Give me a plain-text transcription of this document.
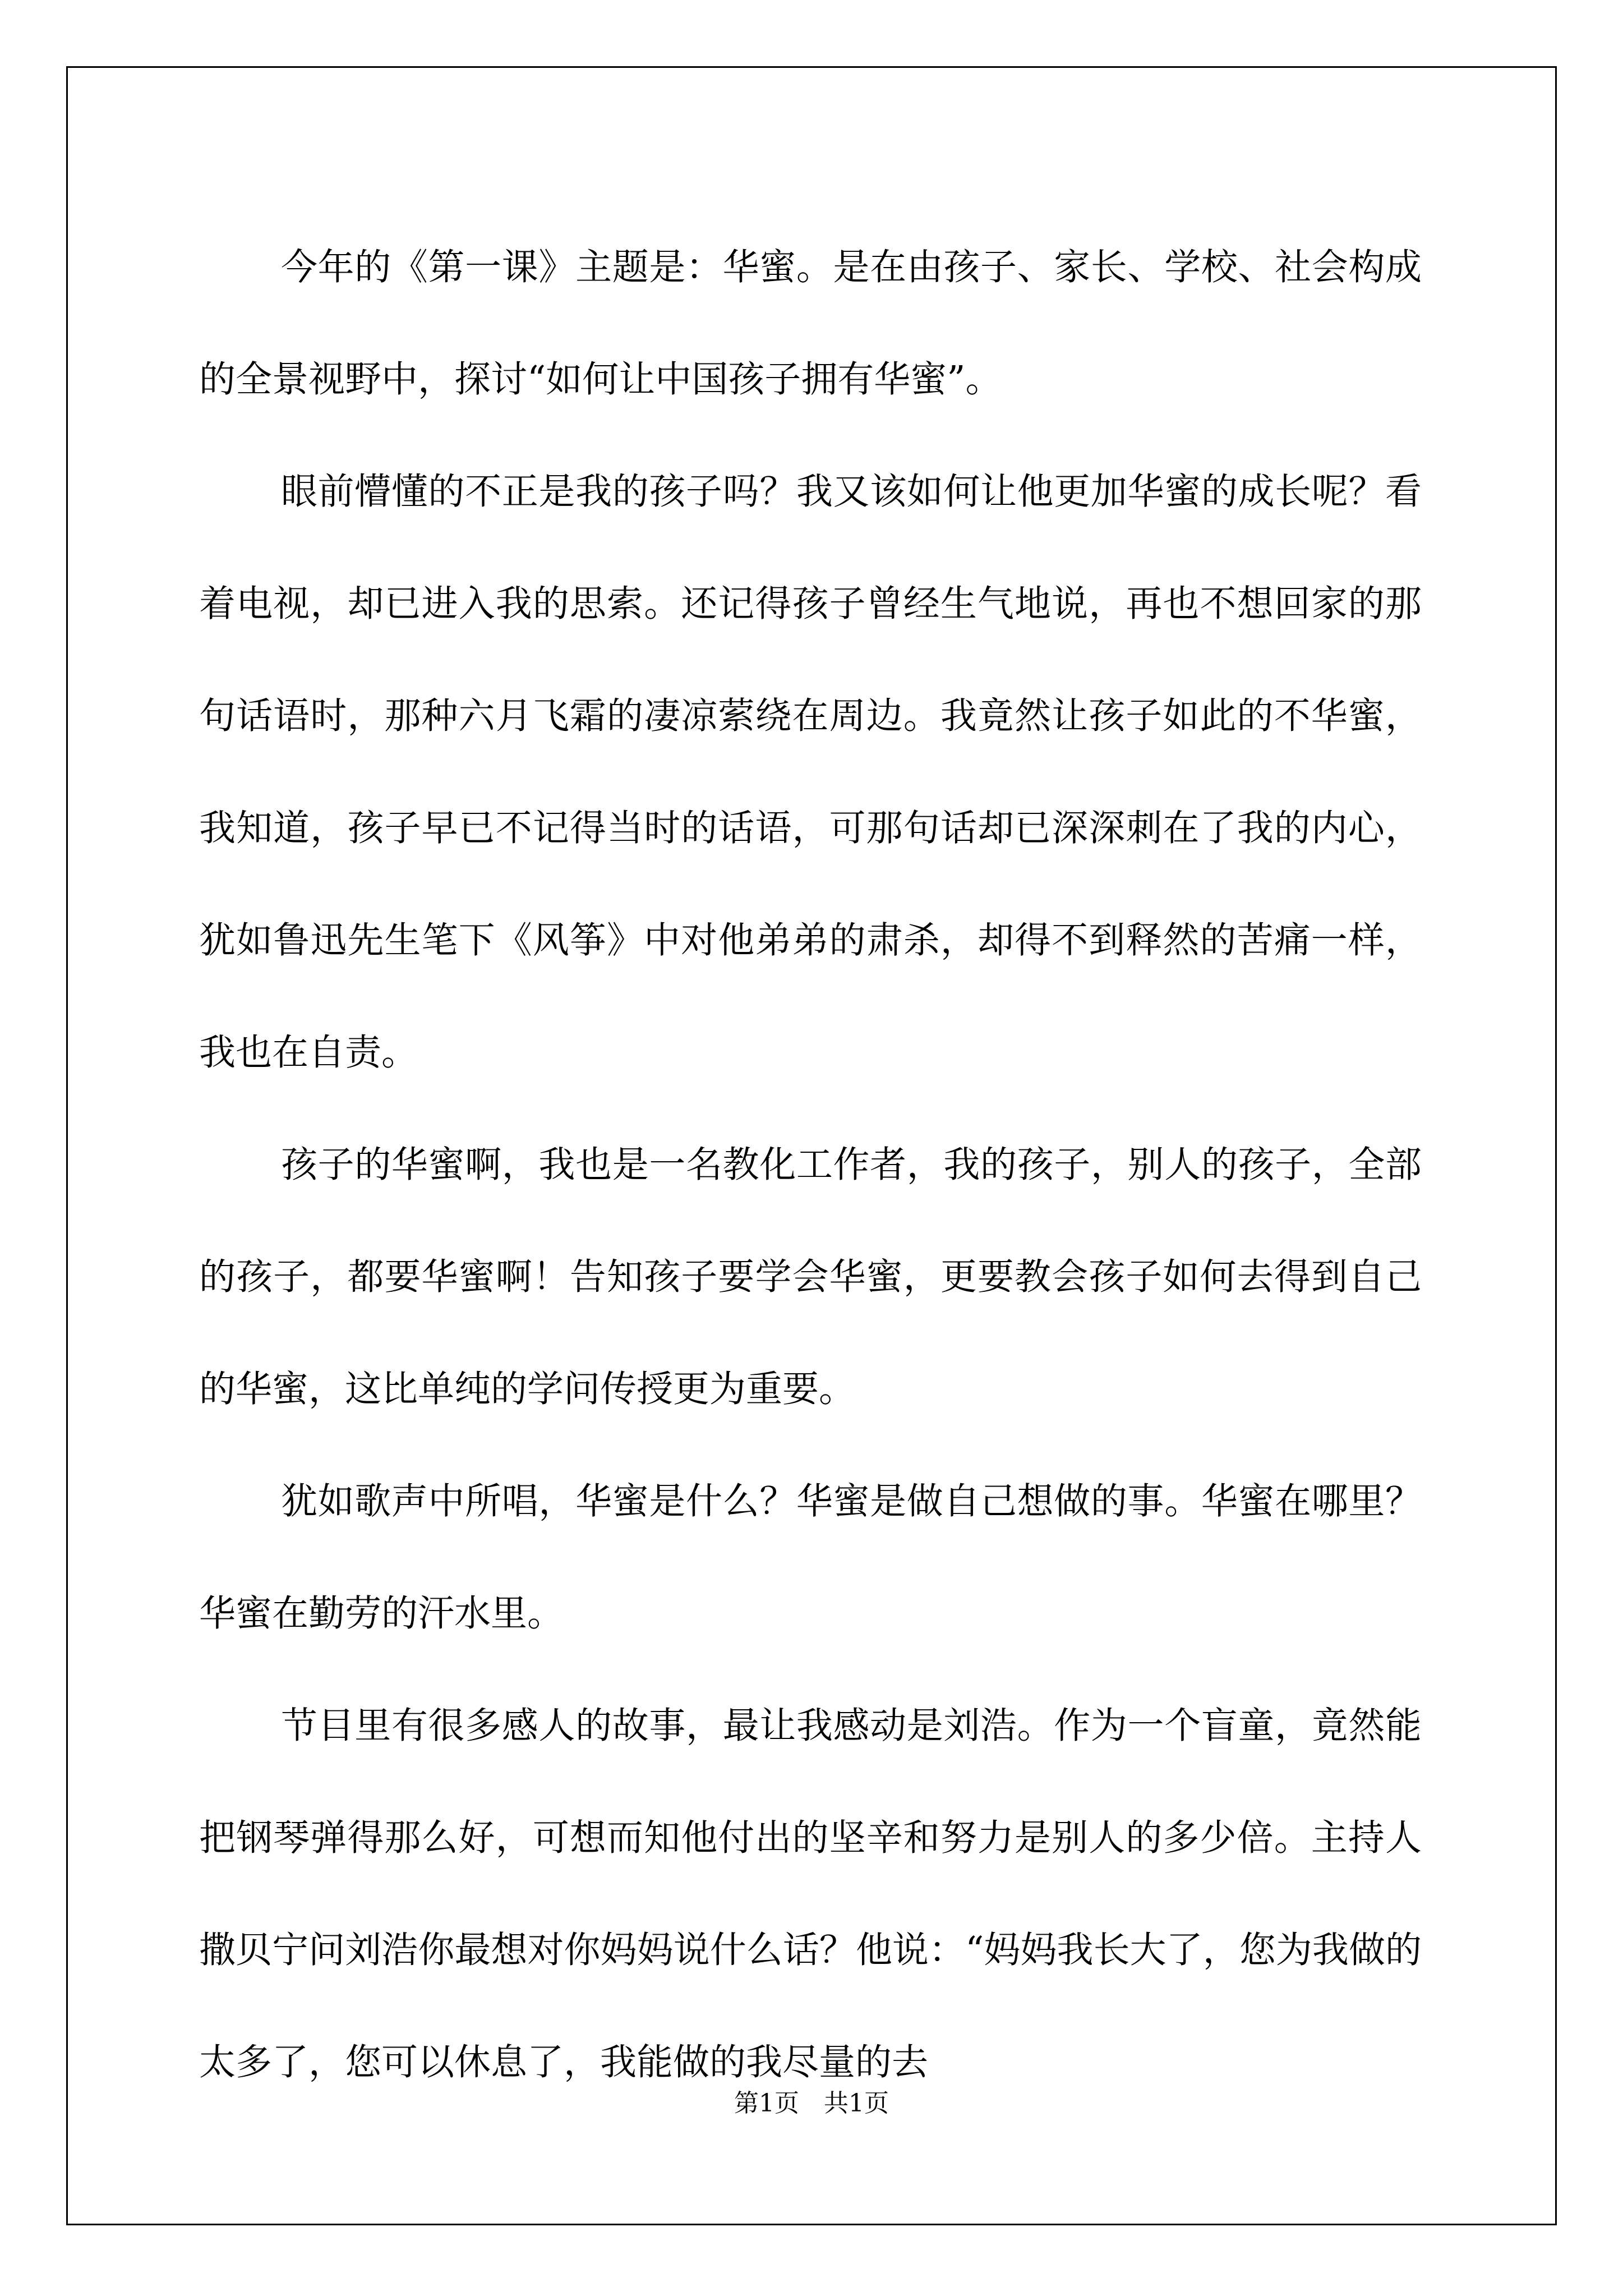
今年的《第一课》主题是：华蜜。是在由孩子、家长、学校、社会构成的全景视野中，探讨“如何让中国孩子拥有华蜜”。

眼前懵懂的不正是我的孩子吗？我又该如何让他更加华蜜的成长呢？看着电视，却已进入我的思索。还记得孩子曾经生气地说，再也不想回家的那句话语时，那种六月飞霜的凄凉萦绕在周边。我竟然让孩子如此的不华蜜，我知道，孩子早已不记得当时的话语，可那句话却已深深刺在了我的内心，犹如鲁迅先生笔下《风筝》中对他弟弟的肃杀，却得不到释然的苦痛一样，我也在自责。

孩子的华蜜啊，我也是一名教化工作者，我的孩子，别人的孩子，全部的孩子，都要华蜜啊！告知孩子要学会华蜜，更要教会孩子如何去得到自己的华蜜，这比单纯的学问传授更为重要。

犹如歌声中所唱，华蜜是什么？华蜜是做自己想做的事。华蜜在哪里？华蜜在勤劳的汗水里。

节目里有很多感人的故事，最让我感动是刘浩。作为一个盲童，竟然能把钢琴弹得那么好，可想而知他付出的坚辛和努力是别人的多少倍。主持人撒贝宁问刘浩你最想对你妈妈说什么话？他说：“妈妈我长大了，您为我做的太多了，您可以休息了，我能做的我尽量的去

第1页　共1页
